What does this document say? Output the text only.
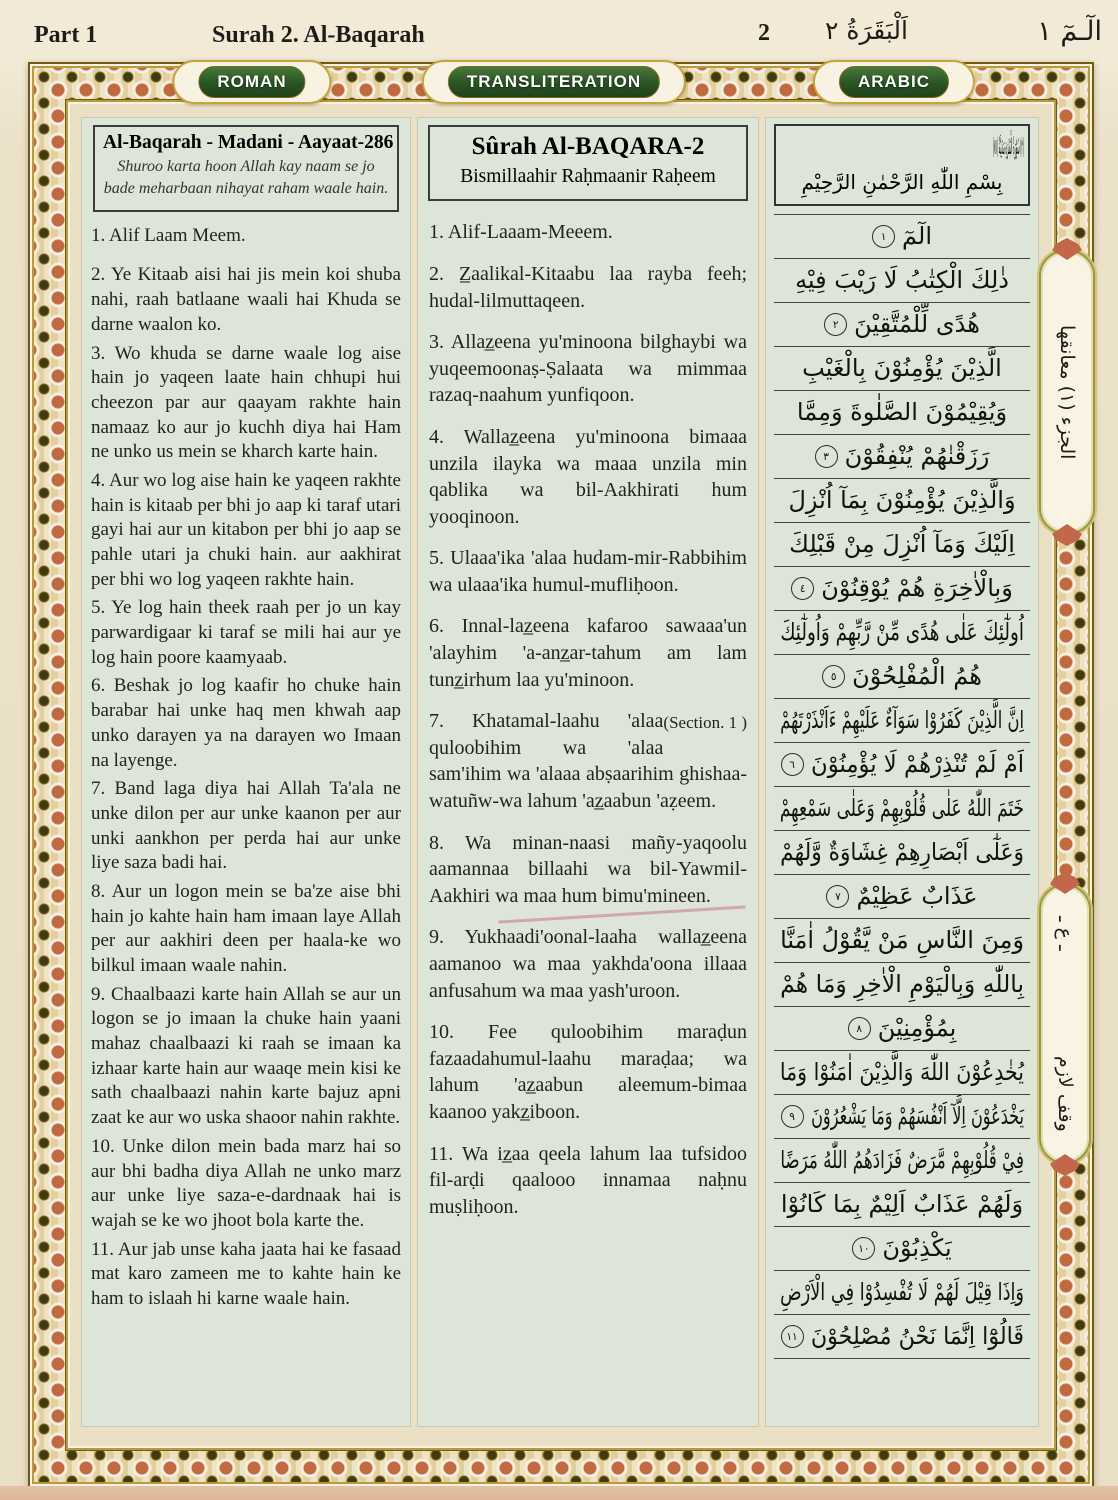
Part 1	Surah 2. Al-Baqarah	2 اَلْبَقَرَةُ ٢	الٓـمٓ ١
ROMAN	TRANSLITERATION	ARABIC
Al-Baqarah - Madani - Aayaat-286
Shuroo karta hoon Allah kay naam se jo bade meharbaan nihayat raham waale hain.

1. Alif Laam Meem.

2. Ye Kitaab aisi hai jis mein koi shuba nahi, raah batlaane waali hai Khuda se darne waalon ko.

3. Wo khuda se darne waale log aise hain jo yaqeen laate hain chhupi hui cheezon par aur qaayam rakhte hain namaaz ko aur jo kuchh diya hai Ham ne unko us mein se kharch karte hain.

4. Aur wo log aise hain ke yaqeen rakhte hain is kitaab per bhi jo aap ki taraf utari gayi hai aur un kitabon per bhi jo aap se pahle utari ja chuki hain. aur aakhirat per bhi wo log yaqeen rakhte hain.

5. Ye log hain theek raah per jo un kay parwardigaar ki taraf se mili hai aur ye log hain poore kaamyaab.

6. Beshak jo log kaafir ho chuke hain barabar hai unke haq men khwah aap unko darayen ya na darayen wo Imaan na layenge.

7. Band laga diya hai Allah Ta'ala ne unke dilon per aur unke kaanon per aur unki aankhon per perda hai aur unke liye saza badi hai.

8. Aur un logon mein se ba'ze aise bhi hain jo kahte hain ham imaan laye Allah per aur aakhiri deen per haala-ke wo bilkul imaan waale nahin.

9. Chaalbaazi karte hain Allah se aur un logon se jo imaan la chuke hain yaani mahaz chaalbaazi ki raah se imaan ka izhaar karte hain aur waaqe mein kisi ke sath chaalbaazi nahin karte bajuz apni zaat ke aur wo uska shaoor nahin rakhte.

10. Unke dilon mein bada marz hai so aur bhi badha diya Allah ne unko marz aur unke liye saza-e-dardnaak hai is wajah se ke wo jhoot bola karte the.

11. Aur jab unse kaha jaata hai ke fasaad mat karo zameen me to kahte hain ke ham to islaah hi karne waale hain.

Sûrah Al-BAQARA-2
Bismillaahir Raḥmaanir Raḥeem

1. Alif-Laaam-Meeem.

2. Z̲aalikal-Kitaabu laa rayba feeh; hudal-lilmuttaqeen.

3. Allaz̲eena yu'minoona bilghaybi wa yuqeemoonaṣ-Ṣalaata wa mimmaa razaq-naahum yunfiqoon.

4. Wallaz̲eena yu'minoona bimaaa unzila ilayka wa maaa unzila min qablika wa bil-Aakhirati hum yooqinoon.

5. Ulaaa'ika 'alaa hudam-mir-Rabbihim wa ulaaa'ika humul-mufliḥoon.

6. Innal-laz̲eena kafaroo sawaaa'un 'alayhim 'a-anz̲ar-tahum am lam tunz̲irhum laa yu'minoon.

(Section. 1 )
7. Khatamal-laahu 'alaa quloobihim wa 'alaa sam'ihim wa 'alaaa abṣaarihim ghishaa-watuñw-wa lahum 'az̲aabun 'aẓeem.

8. Wa minan-naasi mañy-yaqoolu aamannaa billaahi wa bil-Yawmil-Aakhiri wa maa hum bimu'mineen.

9. Yukhaadi'oonal-laaha wallaz̲eena aamanoo wa maa yakhda'oona illaaa anfusahum wa maa yash'uroon.

10. Fee quloobihim maraḍun fazaadahumul-laahu maraḍaa; wa lahum 'az̲aabun aleemum-bimaa kaanoo yakz̲iboon.

11. Wa iz̲aa qeela lahum laa tufsidoo fil-arḍi qaalooo innamaa naḥnu muṣliḥoon.

(٢) سُوْرَةُ الْبَقَرَةِ مَدَنِيَّةٌ (٨٧)
بِسْمِ اللّٰهِ الرَّحْمٰنِ الرَّحِيْمِ
الٓمٓ
١
ذٰلِكَ الْكِتٰبُ لَا رَيْبَ فِيْهِ
هُدًى لِّلْمُتَّقِيْنَ
٢
الَّذِيْنَ يُؤْمِنُوْنَ بِالْغَيْبِ
وَيُقِيْمُوْنَ الصَّلٰوةَ وَمِمَّا
رَزَقْنٰهُمْ يُنْفِقُوْنَ
٣
وَالَّذِيْنَ يُؤْمِنُوْنَ بِمَآ اُنْزِلَ
اِلَيْكَ وَمَآ اُنْزِلَ مِنْ قَبْلِكَ
وَبِالْاٰخِرَةِ هُمْ يُوْقِنُوْنَ
٤
اُولٰٓئِكَ عَلٰى هُدًى مِّنْ رَّبِّهِمْ وَاُولٰٓئِكَ
هُمُ الْمُفْلِحُوْنَ
٥
اِنَّ الَّذِيْنَ كَفَرُوْا سَوَآءٌ عَلَيْهِمْ ءَاَنْذَرْتَهُمْ
اَمْ لَمْ تُنْذِرْهُمْ لَا يُؤْمِنُوْنَ
٦
خَتَمَ اللّٰهُ عَلٰى قُلُوْبِهِمْ وَعَلٰى سَمْعِهِمْ
وَعَلٰٓى اَبْصَارِهِمْ غِشَاوَةٌ وَّلَهُمْ
عَذَابٌ عَظِيْمٌ
٧
وَمِنَ النَّاسِ مَنْ يَّقُوْلُ اٰمَنَّا
بِاللّٰهِ وَبِالْيَوْمِ الْاٰخِرِ وَمَا هُمْ
بِمُؤْمِنِيْنَ
٨
يُخٰدِعُوْنَ اللّٰهَ وَالَّذِيْنَ اٰمَنُوْا وَمَا
يَخْدَعُوْنَ اِلَّآ اَنْفُسَهُمْ وَمَا يَشْعُرُوْنَ
٩
فِيْ قُلُوْبِهِمْ مَّرَضٌ فَزَادَهُمُ اللّٰهُ مَرَضًا
وَلَهُمْ عَذَابٌ اَلِيْمٌ بِمَا كَانُوْا
يَكْذِبُوْنَ
١٠
وَاِذَا قِيْلَ لَهُمْ لَا تُفْسِدُوْا فِي الْاَرْضِ
قَالُوْٓا اِنَّمَا نَحْنُ مُصْلِحُوْنَ
١١
الجزء (١) معانقها
ـ ع ـ
وقف لازم
